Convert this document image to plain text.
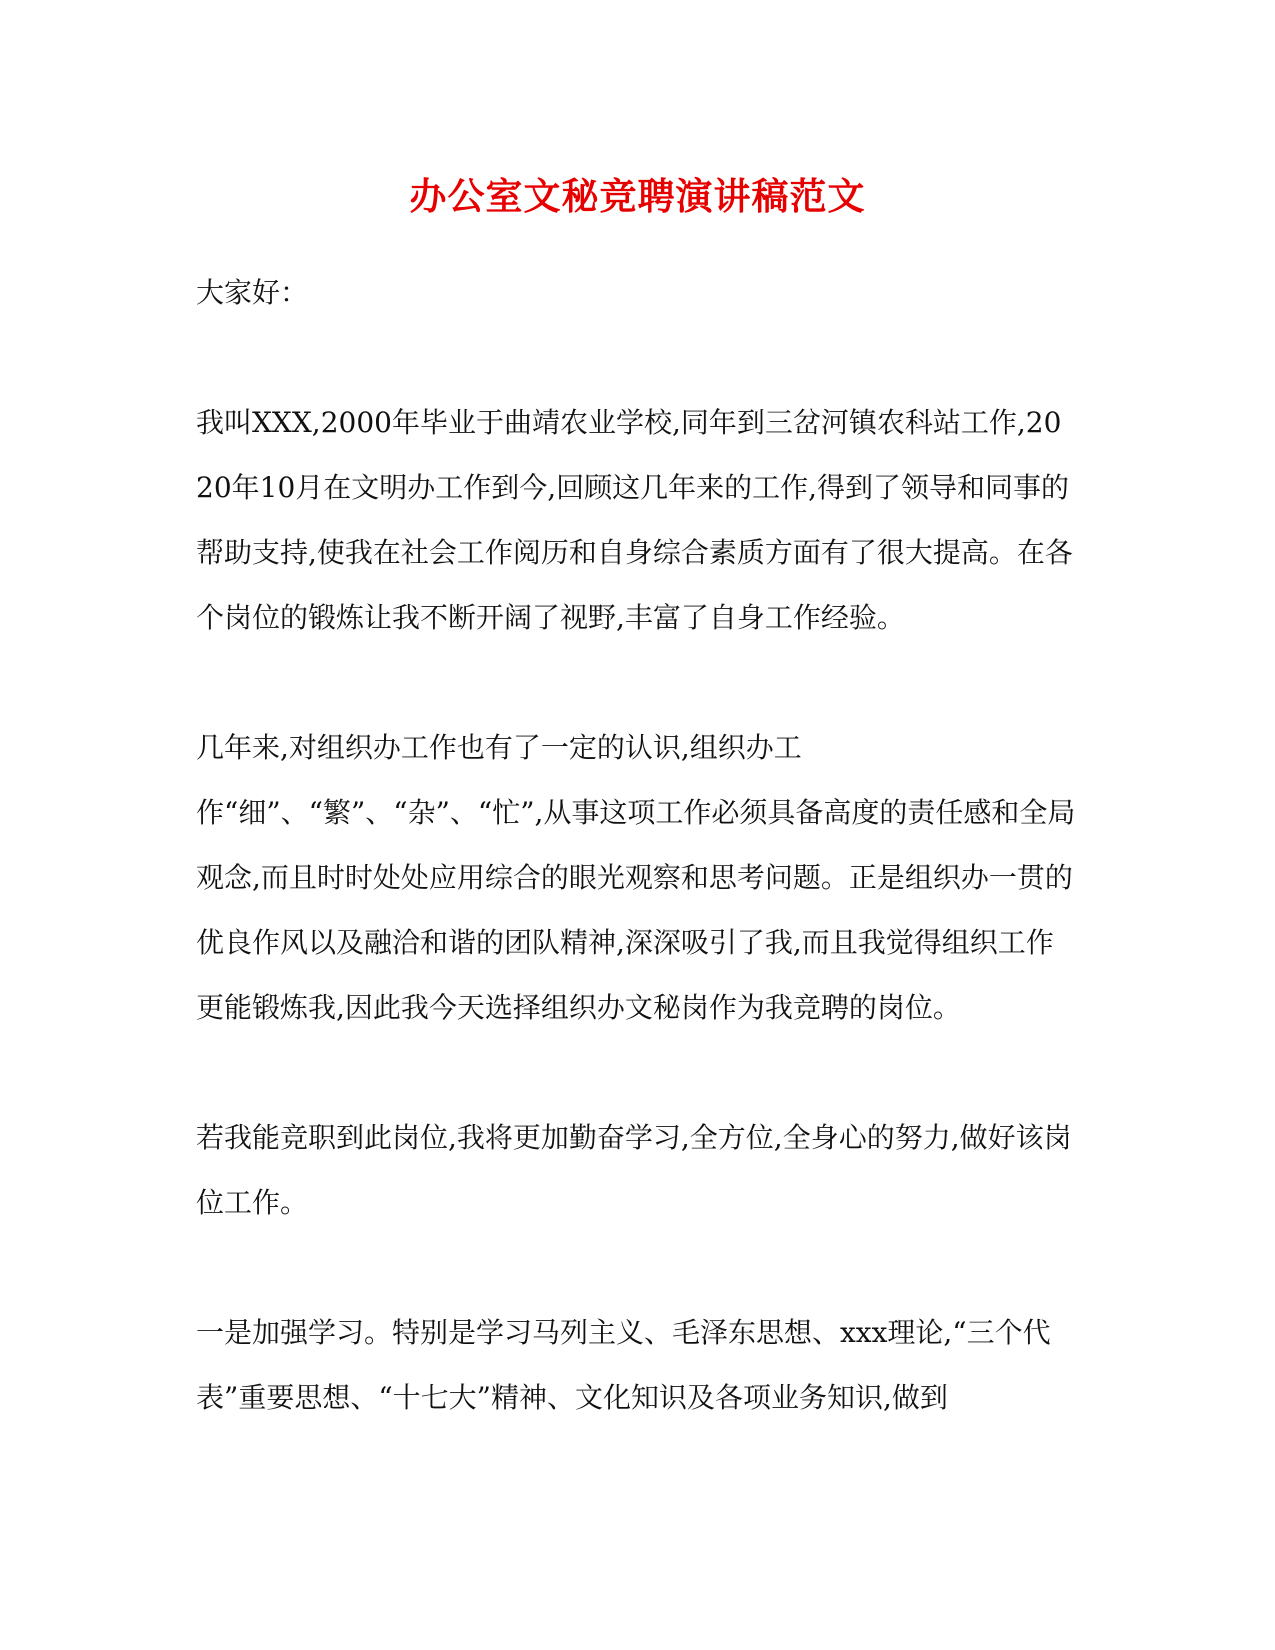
办公室文秘竞聘演讲稿范文

大家好：

我叫XXX,2000年毕业于曲靖农业学校,同年到三岔河镇农科站工作,2020年10月在文明办工作到今,回顾这几年来的工作,得到了领导和同事的帮助支持,使我在社会工作阅历和自身综合素质方面有了很大提高。在各个岗位的锻炼让我不断开阔了视野,丰富了自身工作经验。

几年来,对组织办工作也有了一定的认识,组织办工作“细”、“繁”、“杂”、“忙”,从事这项工作必须具备高度的责任感和全局观念,而且时时处处应用综合的眼光观察和思考问题。正是组织办一贯的优良作风以及融洽和谐的团队精神,深深吸引了我,而且我觉得组织工作更能锻炼我,因此我今天选择组织办文秘岗作为我竞聘的岗位。

若我能竞职到此岗位,我将更加勤奋学习,全方位,全身心的努力,做好该岗位工作。

一是加强学习。特别是学习马列主义、毛泽东思想、xxx理论,“三个代表”重要思想、“十七大”精神、文化知识及各项业务知识,做到
